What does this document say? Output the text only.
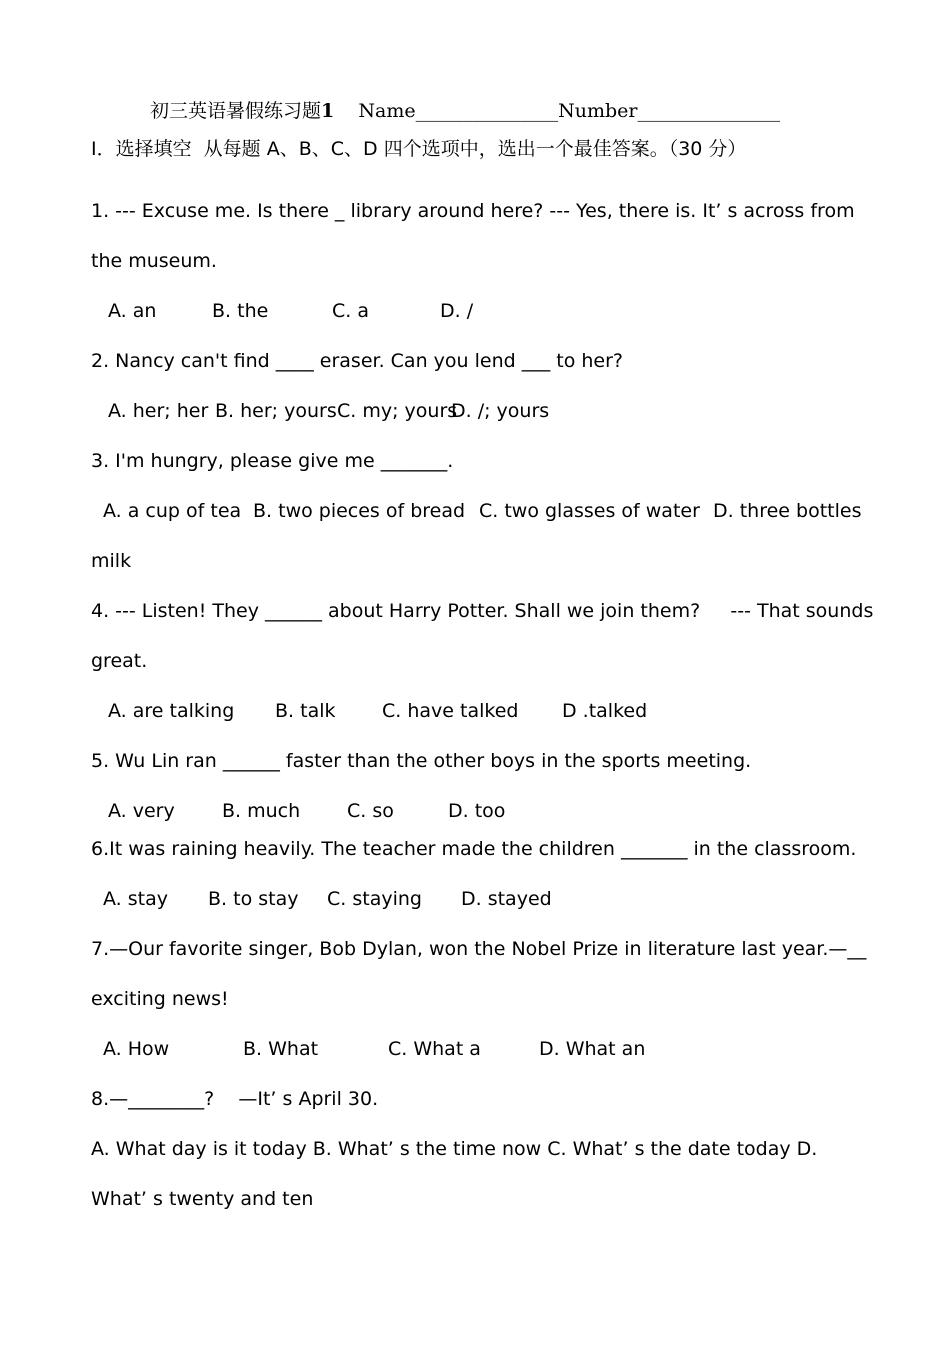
初三英语暑假练习题1 Name_______________Number_______________
I．选择填空  从每题 A、B、C、D 四个选项中，选出一个最佳答案。（30 分）
1. --- Excuse me. Is there _ library around here? --- Yes, there is. It’ s across from
the museum.
A. an	B. the	C. a	D. /
2. Nancy can't find ____ eraser. Can you lend ___ to her?
A. her; her B. her; yours C. my; yours
D. /; yours
3. I'm hungry, please give me _______.
A. a cup of tea B. two pieces of bread C. two glasses of water D. three bottles
milk
4. --- Listen! They ______ about Harry Potter. Shall we join them?     --- That sounds
great.
A. are talking B. talk C. have talked D .talked
5. Wu Lin ran ______ faster than the other boys in the sports meeting.
A. very B. much C. so	D. too
6.It was raining heavily. The teacher made the children _______ in the classroom.
A. stay B. to stay C. staying D. stayed
7.—Our favorite singer, Bob Dylan, won the Nobel Prize in literature last year.—__
exciting news!
A. How	B. What	C. What a	D. What an
8.—________?    —It’ s April 30.
A. What day is it today B. What’ s the time now C. What’ s the date today D.
What’ s twenty and ten
